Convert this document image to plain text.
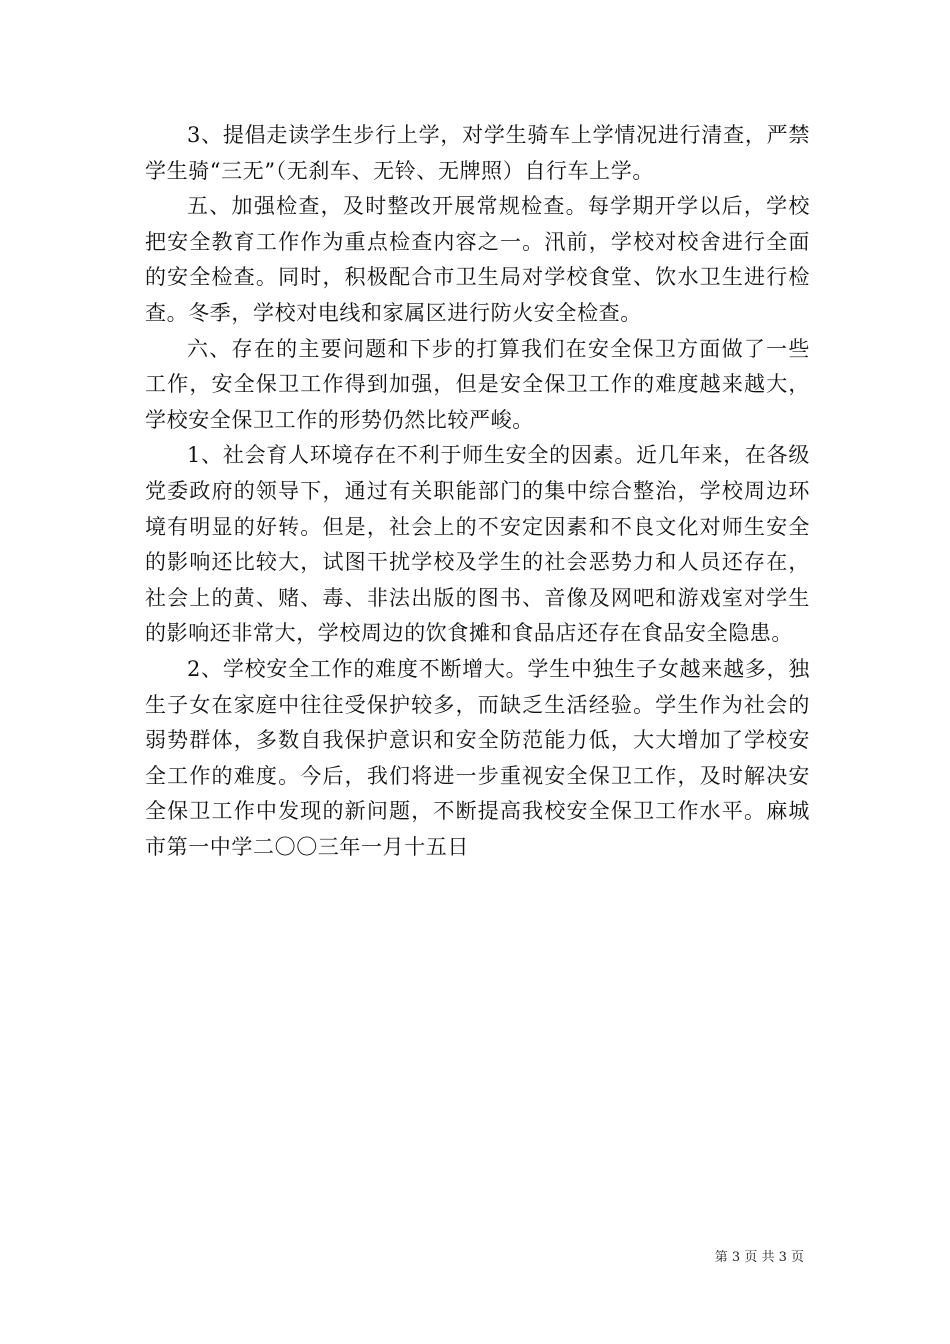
3、提倡走读学生步行上学，对学生骑车上学情况进行清查，严禁学生骑“三无”（无刹车、无铃、无牌照）自行车上学。

五、加强检查，及时整改开展常规检查。每学期开学以后，学校把安全教育工作作为重点检查内容之一。汛前，学校对校舍进行全面的安全检查。同时，积极配合市卫生局对学校食堂、饮水卫生进行检查。冬季，学校对电线和家属区进行防火安全检查。

六、存在的主要问题和下步的打算我们在安全保卫方面做了一些工作，安全保卫工作得到加强，但是安全保卫工作的难度越来越大，学校安全保卫工作的形势仍然比较严峻。

1、社会育人环境存在不利于师生安全的因素。近几年来，在各级党委政府的领导下，通过有关职能部门的集中综合整治，学校周边环境有明显的好转。但是，社会上的不安定因素和不良文化对师生安全的影响还比较大，试图干扰学校及学生的社会恶势力和人员还存在，社会上的黄、赌、毒、非法出版的图书、音像及网吧和游戏室对学生的影响还非常大，学校周边的饮食摊和食品店还存在食品安全隐患。

2、学校安全工作的难度不断增大。学生中独生子女越来越多，独生子女在家庭中往往受保护较多，而缺乏生活经验。学生作为社会的弱势群体，多数自我保护意识和安全防范能力低，大大增加了学校安全工作的难度。今后，我们将进一步重视安全保卫工作，及时解决安全保卫工作中发现的新问题，不断提高我校安全保卫工作水平。麻城市第一中学二〇〇三年一月十五日

第 3 页 共 3 页
